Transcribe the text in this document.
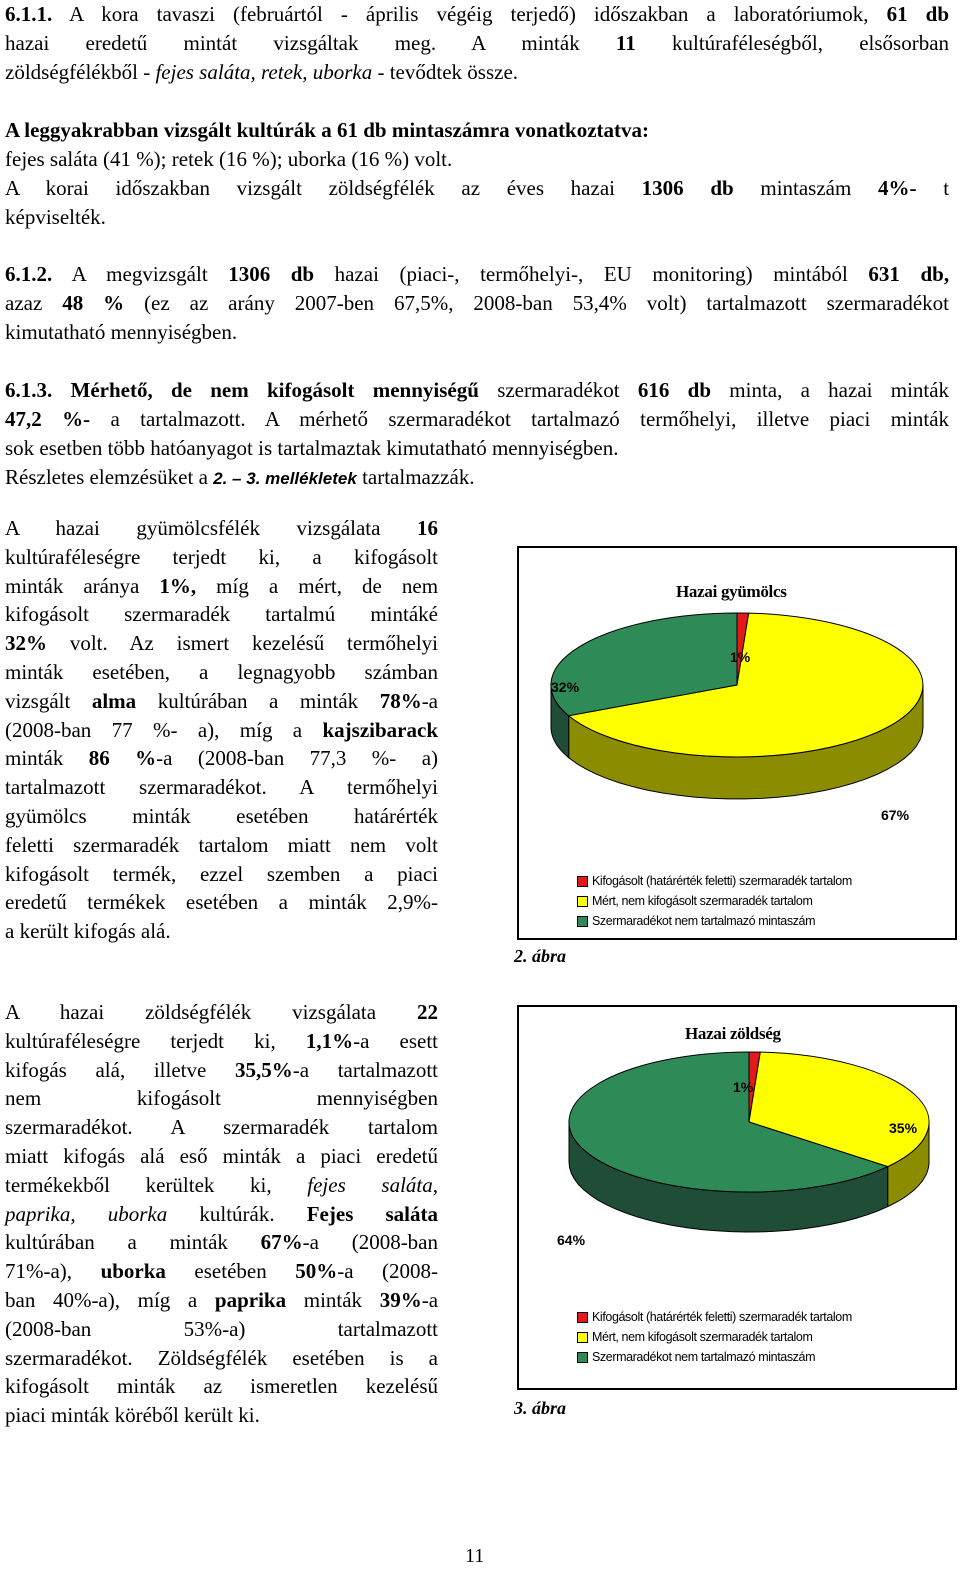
6.1.1. A kora tavaszi (februártól - április végéig terjedő) időszakban a laboratóriumok, 61 db
hazai eredetű mintát vizsgáltak meg. A minták 11 kultúraféleségből, elsősorban
zöldségfélékből - fejes saláta, retek, uborka - tevődtek össze.
A leggyakrabban vizsgált kultúrák a 61 db mintaszámra vonatkoztatva:
fejes saláta (41 %); retek (16 %); uborka (16 %) volt.
A korai időszakban vizsgált zöldségfélék az éves hazai 1306 db mintaszám 4%- t
képviselték.
6.1.2. A megvizsgált 1306 db hazai (piaci-, termőhelyi-, EU monitoring) mintából 631 db,
azaz 48 % (ez az arány 2007-ben 67,5%, 2008-ban 53,4% volt) tartalmazott szermaradékot
kimutatható mennyiségben.
6.1.3. Mérhető, de nem kifogásolt mennyiségű szermaradékot 616 db minta, a hazai minták
47,2 %- a tartalmazott. A mérhető szermaradékot tartalmazó termőhelyi, illetve piaci minták
sok esetben több hatóanyagot is tartalmaztak kimutatható mennyiségben.
Részletes elemzésüket a 2. – 3. mellékletek tartalmazzák.
A hazai gyümölcsfélék vizsgálata 16
kultúraféleségre terjedt ki, a kifogásolt
minták aránya 1%, míg a mért, de nem
kifogásolt szermaradék tartalmú mintáké
32% volt. Az ismert kezelésű termőhelyi
minták esetében, a legnagyobb számban
vizsgált alma kultúrában a minták 78%-a
(2008-ban 77 %- a), míg a kajszibarack
minták 86 %-a (2008-ban 77,3 %- a)
tartalmazott szermaradékot. A termőhelyi
gyümölcs minták esetében határérték
feletti szermaradék tartalom miatt nem volt
kifogásolt termék, ezzel szemben a piaci
eredetű termékek esetében a minták 2,9%-
a került kifogás alá.
A hazai zöldségfélék vizsgálata 22
kultúraféleségre terjedt ki, 1,1%-a esett
kifogás alá, illetve 35,5%-a tartalmazott
nem kifogásolt mennyiségben
szermaradékot. A szermaradék tartalom
miatt kifogás alá eső minták a piaci eredetű
termékekből kerültek ki, fejes saláta,
paprika, uborka kultúrák. Fejes saláta
kultúrában a minták 67%-a (2008-ban
71%-a), uborka esetében 50%-a (2008-
ban 40%-a), míg a paprika minták 39%-a
(2008-ban 53%-a) tartalmazott
szermaradékot. Zöldségfélék esetében is a
kifogásolt minták az ismeretlen kezelésű
piaci minták köréből került ki.
Hazai gyümölcs
1%
67%
32%
Kifogásolt (határérték feletti) szermaradék tartalom
Mért, nem kifogásolt szermaradék tartalom
Szermaradékot nem tartalmazó mintaszám
2. ábra
Hazai zöldség
1%
35%
64%
Kifogásolt (határérték feletti) szermaradék tartalom
Mért, nem kifogásolt szermaradék tartalom
Szermaradékot nem tartalmazó mintaszám
3. ábra
11
